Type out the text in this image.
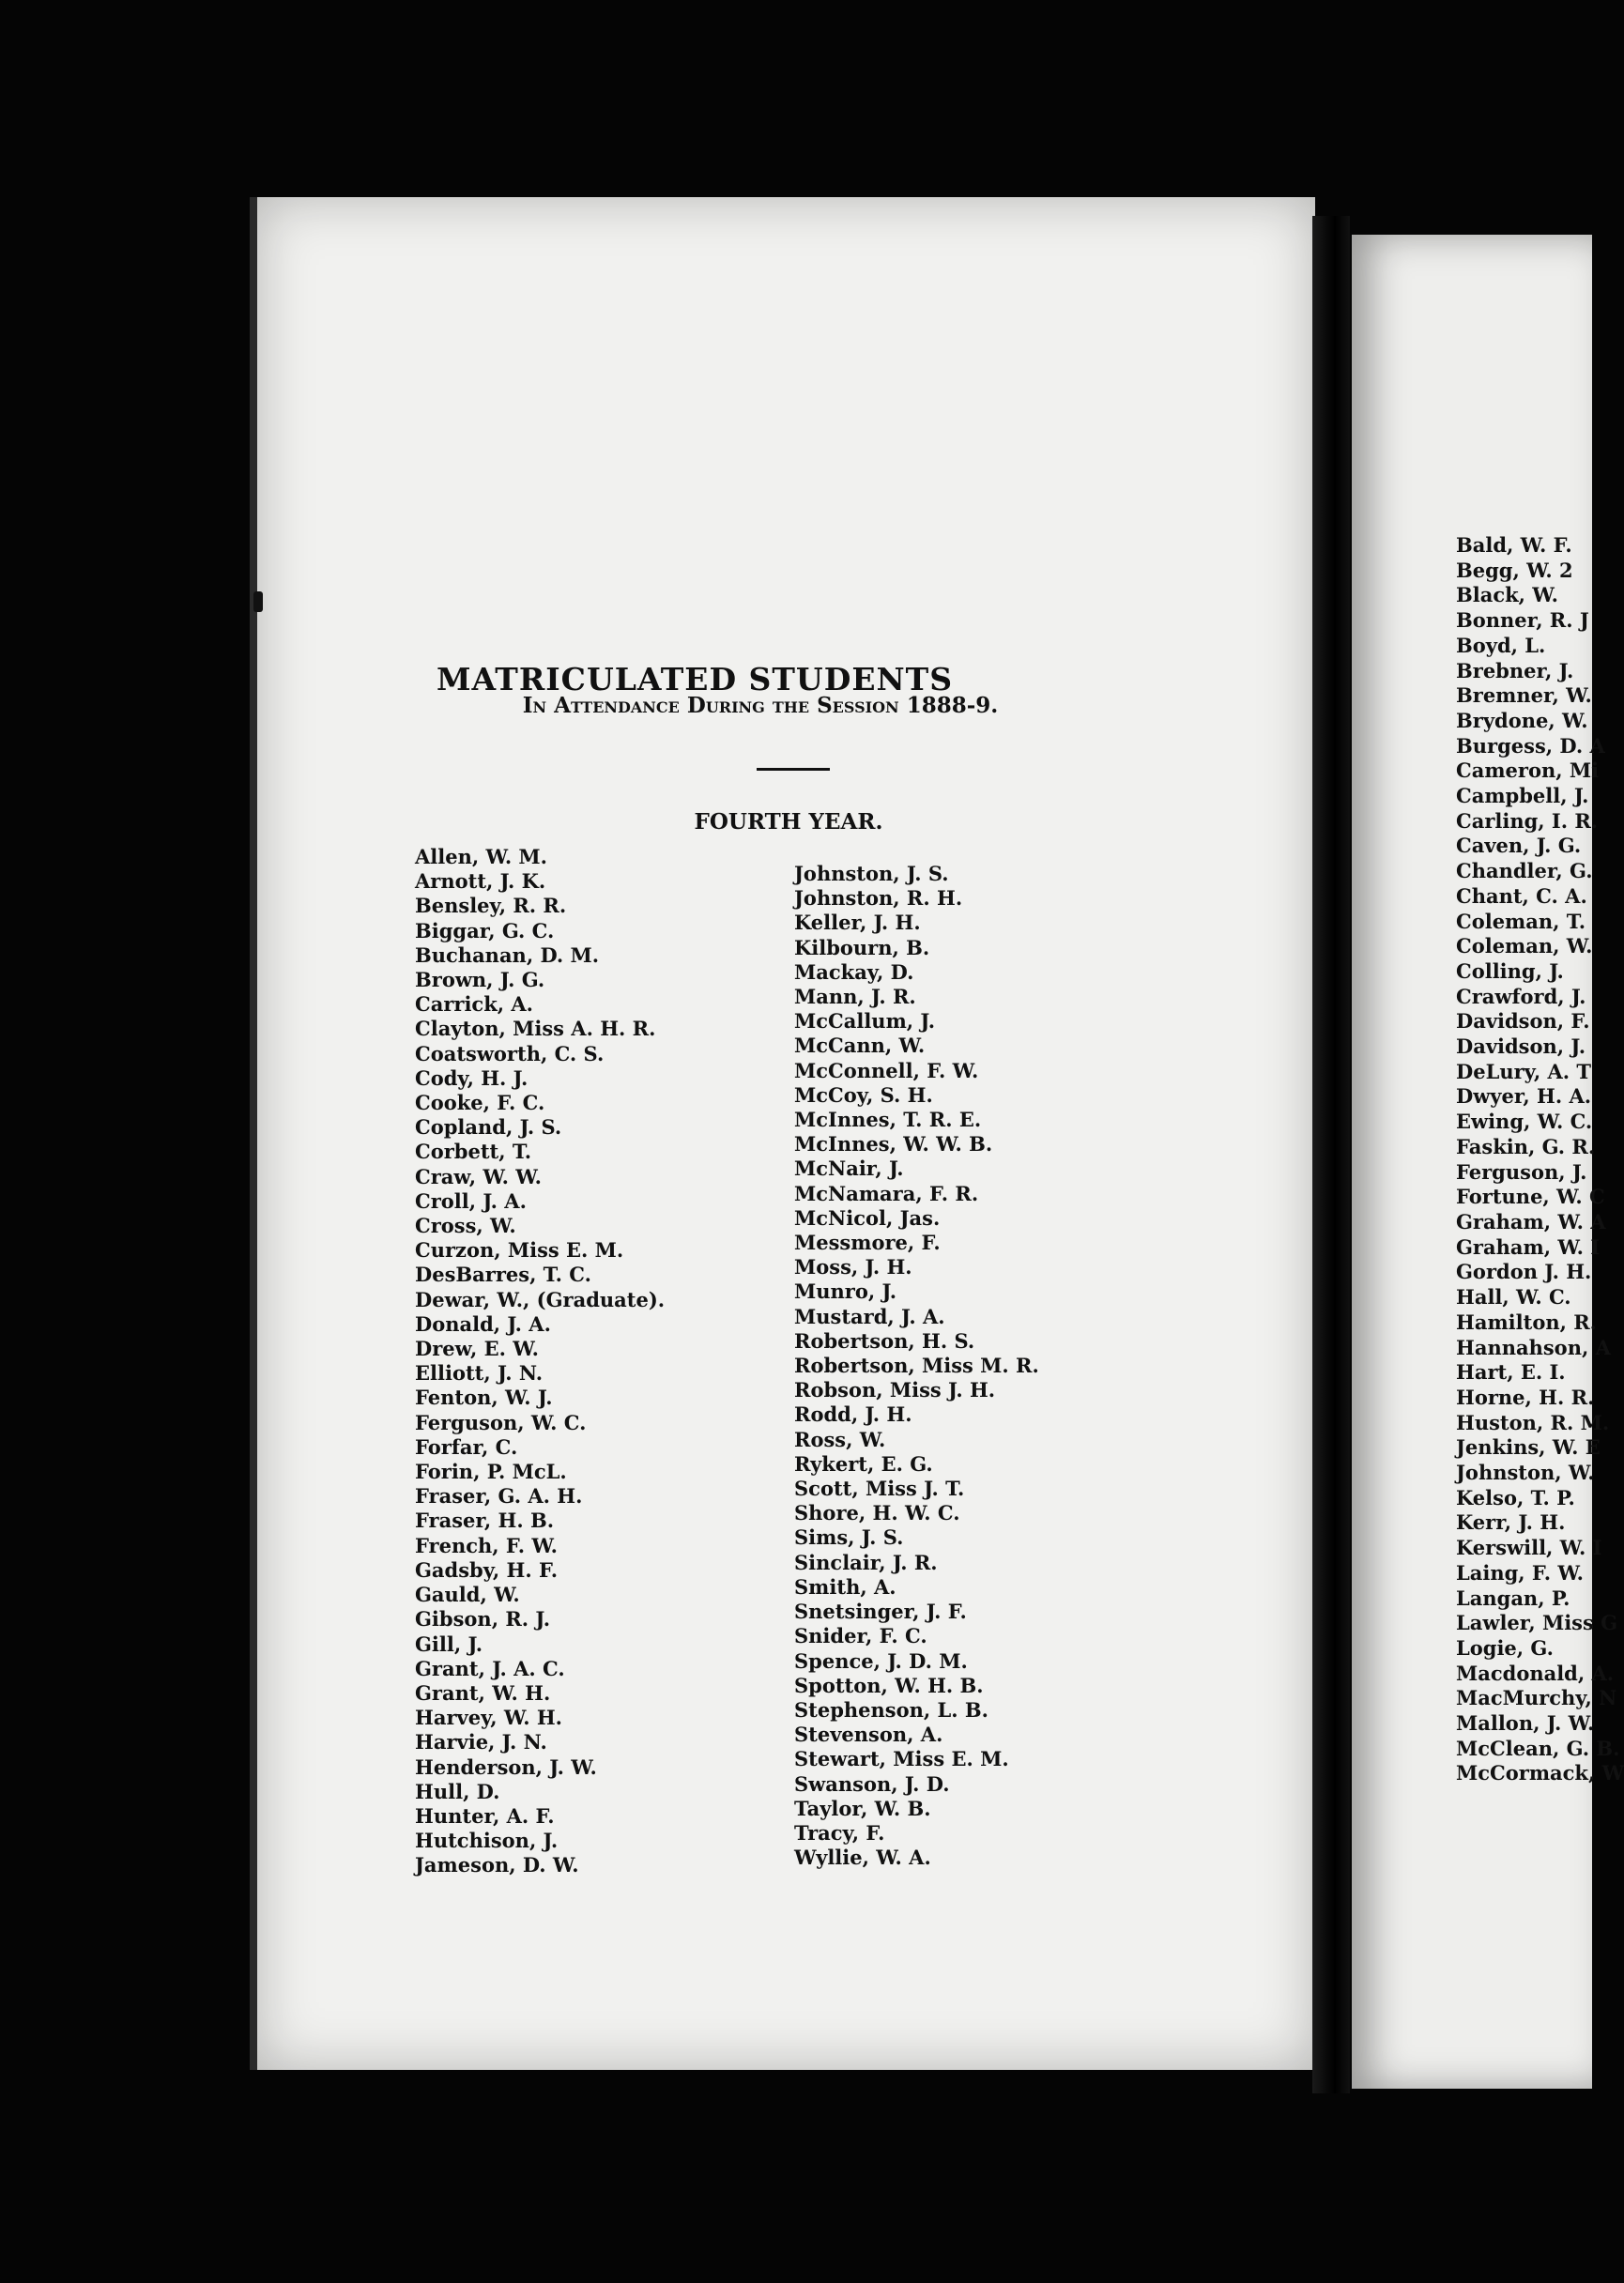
MATRICULATED STUDENTS
In Attendance During the Session 1888-9.
FOURTH YEAR.
Allen, W. M.
Arnott, J. K.
Bensley, R. R.
Biggar, G. C.
Buchanan, D. M.
Brown, J. G.
Carrick, A.
Clayton, Miss A. H. R.
Coatsworth, C. S.
Cody, H. J.
Cooke, F. C.
Copland, J. S.
Corbett, T.
Craw, W. W.
Croll, J. A.
Cross, W.
Curzon, Miss E. M.
DesBarres, T. C.
Dewar, W., (Graduate).
Donald, J. A.
Drew, E. W.
Elliott, J. N.
Fenton, W. J.
Ferguson, W. C.
Forfar, C.
Forin, P. McL.
Fraser, G. A. H.
Fraser, H. B.
French, F. W.
Gadsby, H. F.
Gauld, W.
Gibson, R. J.
Gill, J.
Grant, J. A. C.
Grant, W. H.
Harvey, W. H.
Harvie, J. N.
Henderson, J. W.
Hull, D.
Hunter, A. F.
Hutchison, J.
Jameson, D. W.
Johnston, J. S.
Johnston, R. H.
Keller, J. H.
Kilbourn, B.
Mackay, D.
Mann, J. R.
McCallum, J.
McCann, W.
McConnell, F. W.
McCoy, S. H.
McInnes, T. R. E.
McInnes, W. W. B.
McNair, J.
McNamara, F. R.
McNicol, Jas.
Messmore, F.
Moss, J. H.
Munro, J.
Mustard, J. A.
Robertson, H. S.
Robertson, Miss M. R.
Robson, Miss J. H.
Rodd, J. H.
Ross, W.
Rykert, E. G.
Scott, Miss J. T.
Shore, H. W. C.
Sims, J. S.
Sinclair, J. R.
Smith, A.
Snetsinger, J. F.
Snider, F. C.
Spence, J. D. M.
Spotton, W. H. B.
Stephenson, L. B.
Stevenson, A.
Stewart, Miss E. M.
Swanson, J. D.
Taylor, W. B.
Tracy, F.
Wyllie, W. A.
Bald, W. F.
Begg, W. 2
Black, W.
Bonner, R. J
Boyd, L.
Brebner, J.
Bremner, W.
Brydone, W.
Burgess, D. A
Cameron, Mi
Campbell, J.
Carling, I. R.
Caven, J. G.
Chandler, G.
Chant, C. A.
Coleman, T.
Coleman, W.
Colling, J.
Crawford, J.
Davidson, F.
Davidson, J.
DeLury, A. T
Dwyer, H. A.
Ewing, W. C.
Faskin, G. R.
Ferguson, J.
Fortune, W. C
Graham, W. A
Graham, W. I
Gordon J. H.
Hall, W. C.
Hamilton, R.
Hannahson, A
Hart, E. I.
Horne, H. R.
Huston, R. M.
Jenkins, W. E
Johnston, W.
Kelso, T. P.
Kerr, J. H.
Kerswill, W. I
Laing, F. W.
Langan, P.
Lawler, Miss G
Logie, G.
Macdonald, A.
MacMurchy, N
Mallon, J. W.
McClean, G. B.
McCormack, W
